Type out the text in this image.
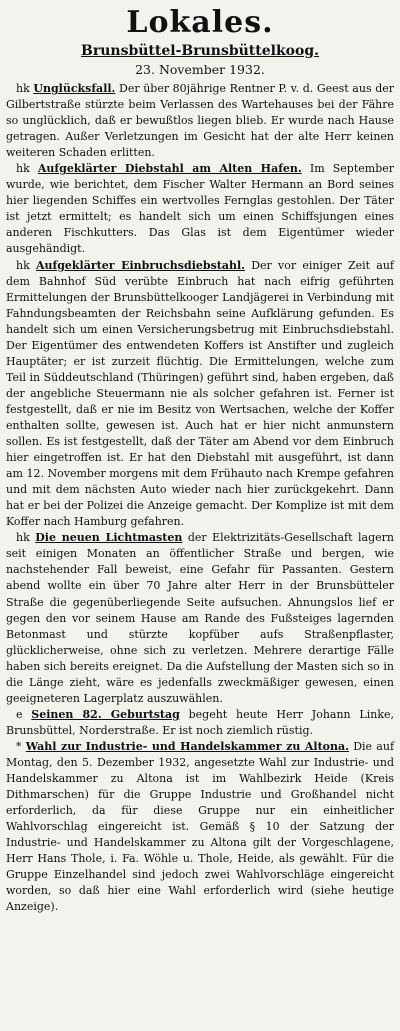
Lokales.
Brunsbüttel-Brunsbüttelkoog.
23. November 1932.

hk Unglücksfall. Der über 80jährige Rentner P. v. d. Geest aus der Gilbertstraße stürzte beim Verlassen des Wartehauses bei der Fähre so unglücklich, daß er bewußtlos liegen blieb. Er wurde nach Hause getragen. Außer Verletzungen im Gesicht hat der alte Herr keinen weiteren Schaden erlitten.

hk Aufgeklärter Diebstahl am Alten Hafen. Im September wurde, wie berichtet, dem Fischer Walter Hermann an Bord seines hier liegenden Schiffes ein wertvolles Fernglas gestohlen. Der Täter ist jetzt ermittelt; es handelt sich um einen Schiffsjungen eines anderen Fischkutters. Das Glas ist dem Eigentümer wieder ausgehändigt.

hk Aufgeklärter Einbruchsdiebstahl. Der vor einiger Zeit auf dem Bahnhof Süd verübte Einbruch hat nach eifrig geführten Ermittelungen der Brunsbüttelkooger Landjägerei in Verbindung mit Fahndungsbeamten der Reichsbahn seine Aufklärung gefunden. Es handelt sich um einen Versicherungsbetrug mit Einbruchsdiebstahl. Der Eigentümer des entwendeten Koffers ist Anstifter und zugleich Hauptäter; er ist zurzeit flüchtig. Die Ermittelungen, welche zum Teil in Süddeutschland (Thüringen) geführt sind, haben ergeben, daß der angebliche Steuermann nie als solcher gefahren ist. Ferner ist festgestellt, daß er nie im Besitz von Wertsachen, welche der Koffer enthalten sollte, gewesen ist. Auch hat er hier nicht anmunstern sollen. Es ist festgestellt, daß der Täter am Abend vor dem Einbruch hier eingetroffen ist. Er hat den Diebstahl mit ausgeführt, ist dann am 12. November morgens mit dem Frühauto nach Krempe gefahren und mit dem nächsten Auto wieder nach hier zurückgekehrt. Dann hat er bei der Polizei die Anzeige gemacht. Der Komplize ist mit dem Koffer nach Hamburg gefahren.

hk Die neuen Lichtmasten der Elektrizitäts-Gesellschaft lagern seit einigen Monaten an öffentlicher Straße und bergen, wie nachstehender Fall beweist, eine Gefahr für Passanten. Gestern abend wollte ein über 70 Jahre alter Herr in der Brunsbütteler Straße die gegenüberliegende Seite aufsuchen. Ahnungslos lief er gegen den vor seinem Hause am Rande des Fußsteiges lagernden Betonmast und stürzte kopfüber aufs Straßenpflaster, glücklicherweise, ohne sich zu verletzen. Mehrere derartige Fälle haben sich bereits ereignet. Da die Aufstellung der Masten sich so in die Länge zieht, wäre es jedenfalls zweckmäßiger gewesen, einen geeigneteren Lagerplatz auszuwählen.

e Seinen 82. Geburtstag begeht heute Herr Johann Linke, Brunsbüttel, Norderstraße. Er ist noch ziemlich rüstig.

* Wahl zur Industrie- und Handelskammer zu Altona. Die auf Montag, den 5. Dezember 1932, angesetzte Wahl zur Industrie- und Handelskammer zu Altona ist im Wahlbezirk Heide (Kreis Dithmarschen) für die Gruppe Industrie und Großhandel nicht erforderlich, da für diese Gruppe nur ein einheitlicher Wahlvorschlag eingereicht ist. Gemäß § 10 der Satzung der Industrie- und Handelskammer zu Altona gilt der Vorgeschlagene, Herr Hans Thole, i. Fa. Wöhle u. Thole, Heide, als gewählt. Für die Gruppe Einzelhandel sind jedoch zwei Wahlvorschläge eingereicht worden, so daß hier eine Wahl erforderlich wird (siehe heutige Anzeige).
